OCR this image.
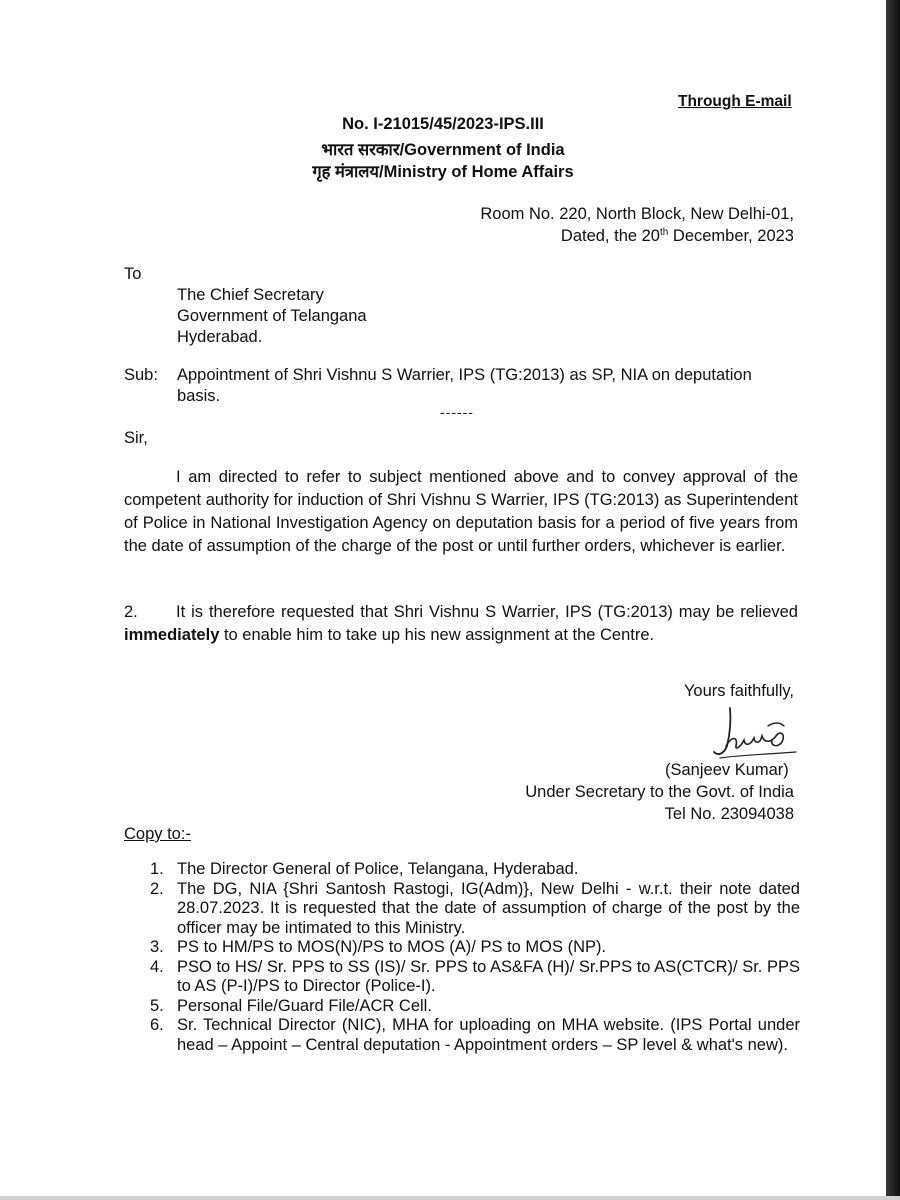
Through E-mail
No. I-21015/45/2023-IPS.III
भारत सरकार/Government of India
गृह मंत्रालय/Ministry of Home Affairs
Room No. 220, North Block, New Delhi-01,
Dated, the 20th December, 2023
To
The Chief Secretary
Government of Telangana
Hyderabad.
Sub: Appointment of Shri Vishnu S Warrier, IPS (TG:2013) as SP, NIA on deputation
basis.
------
Sir,
I am directed to refer to subject mentioned above and to convey approval of the competent authority for induction of Shri Vishnu S Warrier, IPS (TG:2013) as Superintendent of Police in National Investigation Agency on deputation basis for a period of five years from the date of assumption of the charge of the post or until further orders, whichever is earlier.
2. It is therefore requested that Shri Vishnu S Warrier, IPS (TG:2013) may be relieved immediately to enable him to take up his new assignment at the Centre.
Yours faithfully,
(Sanjeev Kumar)
Under Secretary to the Govt. of India
Tel No. 23094038
Copy to:-
1. The Director General of Police, Telangana, Hyderabad.
2. The DG, NIA {Shri Santosh Rastogi, IG(Adm)}, New Delhi - w.r.t. their note dated 28.07.2023. It is requested that the date of assumption of charge of the post by the officer may be intimated to this Ministry.
3. PS to HM/PS to MOS(N)/PS to MOS (A)/ PS to MOS (NP).
4. PSO to HS/ Sr. PPS to SS (IS)/ Sr. PPS to AS&FA (H)/ Sr.PPS to AS(CTCR)/ Sr. PPS to AS (P-I)/PS to Director (Police-I).
5. Personal File/Guard File/ACR Cell.
6. Sr. Technical Director (NIC), MHA for uploading on MHA website. (IPS Portal under head – Appoint – Central deputation - Appointment orders – SP level & what's new).
